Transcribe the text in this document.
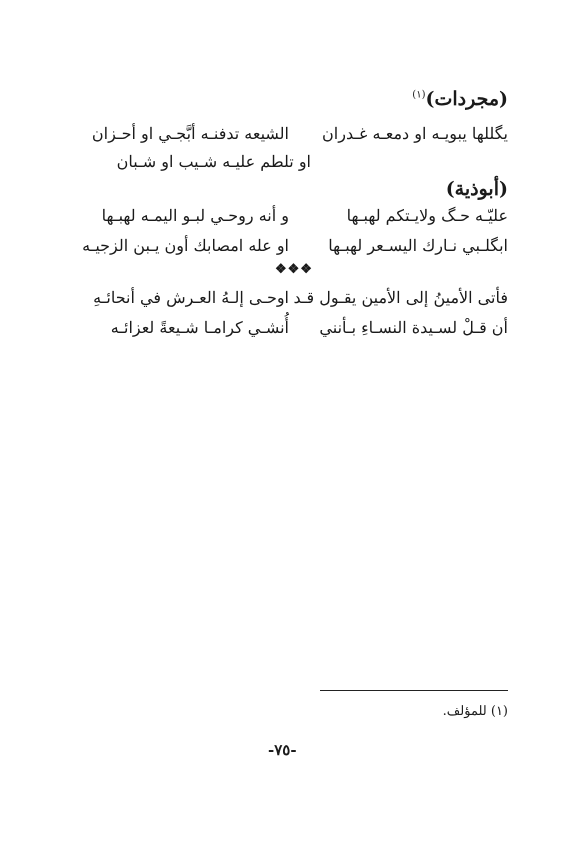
(مجردات)$^{(١)}$
يگللها يبويـه او دمعـه غـدران
الشيعه تدفنـه أبَّجـي او أحـزان
او تلطم عليـه شـيب او شـبان
(أبوذية)
عليّـه حـگ ولايـتكم لهبـها
و أنه روحـي لبـو اليمـه لهبـها
ابگلـبي نـارك اليسـعر لهبـها
او عله امصابك أون يـبن الزجيـه
❖❖❖
فأتى الأمينُ إلى الأمين يقـول قـد
اوحـى إلـهُ العـرش في أنحائـهِ
أن قـلْ لسـيدة النسـاءِ بـأنني
أُنشـي كرامـا شـيعةً لعزائـه
(١) للمؤلف.
-٧٥-
